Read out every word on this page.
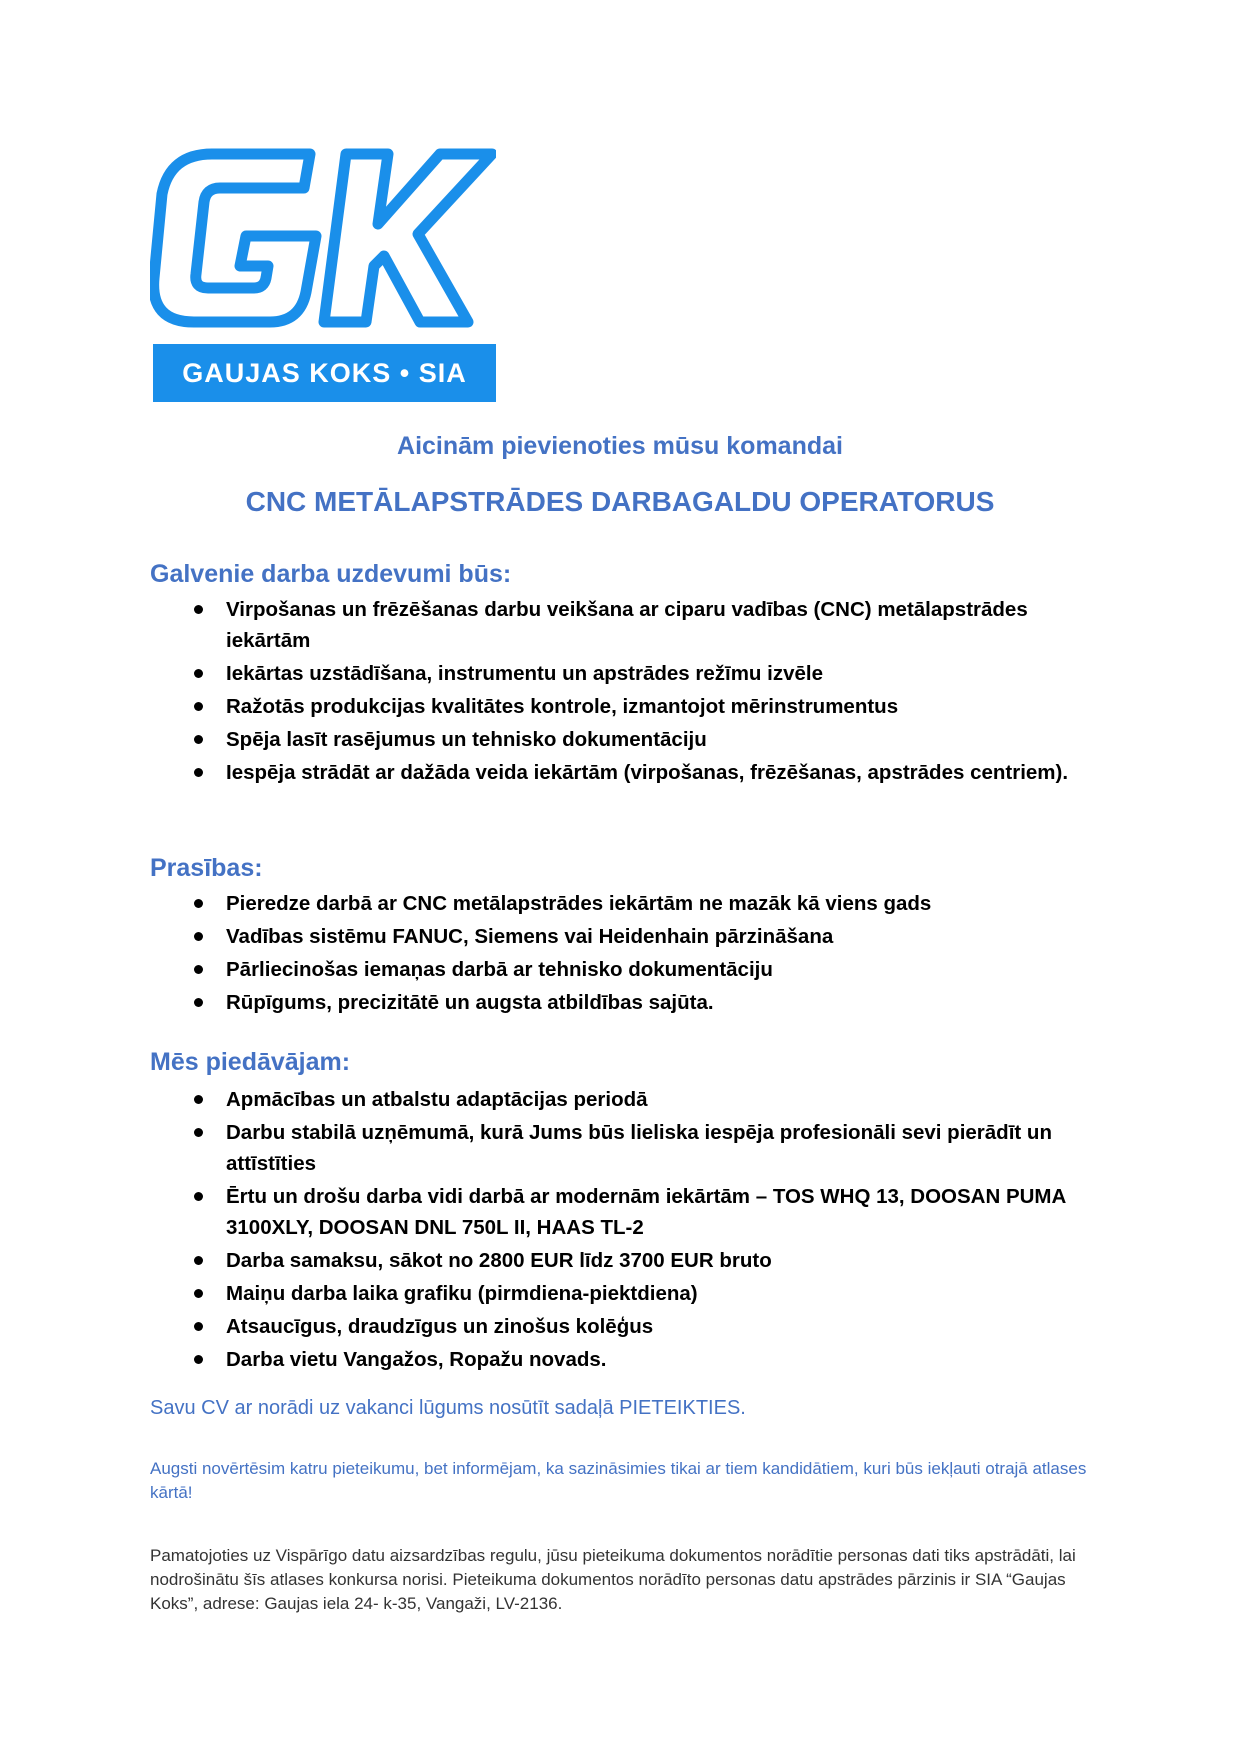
GAUJAS KOKS • SIA
Aicinām pievienoties mūsu komandai
CNC METĀLAPSTRĀDES DARBAGALDU OPERATORUS
Galvenie darba uzdevumi būs:
Virpošanas un frēzēšanas darbu veikšana ar ciparu vadības (CNC) metālapstrādes iekārtām
Iekārtas uzstādīšana, instrumentu un apstrādes režīmu izvēle
Ražotās produkcijas kvalitātes kontrole, izmantojot mērinstrumentus
Spēja lasīt rasējumus un tehnisko dokumentāciju
Iespēja strādāt ar dažāda veida iekārtām (virpošanas, frēzēšanas, apstrādes centriem).
Prasības:
Pieredze darbā ar CNC metālapstrādes iekārtām ne mazāk kā viens gads
Vadības sistēmu FANUC, Siemens vai Heidenhain pārzināšana
Pārliecinošas iemaņas darbā ar tehnisko dokumentāciju
Rūpīgums, precizitātē un augsta atbildības sajūta.
Mēs piedāvājam:
Apmācības un atbalstu adaptācijas periodā
Darbu stabilā uzņēmumā, kurā Jums būs lieliska iespēja profesionāli sevi pierādīt un attīstīties
Ērtu un drošu darba vidi darbā ar modernām iekārtām – TOS WHQ 13, DOOSAN PUMA 3100XLY, DOOSAN DNL 750L II, HAAS TL-2
Darba samaksu, sākot no 2800 EUR līdz 3700 EUR bruto
Maiņu darba laika grafiku (pirmdiena-piektdiena)
Atsaucīgus, draudzīgus un zinošus kolēģus
Darba vietu Vangažos, Ropažu novads.
Savu CV ar norādi uz vakanci lūgums nosūtīt sadaļā PIETEIKTIES.
Augsti novērtēsim katru pieteikumu, bet informējam, ka sazināsimies tikai ar tiem kandidātiem, kuri būs iekļauti otrajā atlases kārtā!
Pamatojoties uz Vispārīgo datu aizsardzības regulu, jūsu pieteikuma dokumentos norādītie personas dati tiks apstrādāti, lai nodrošinātu šīs atlases konkursa norisi. Pieteikuma dokumentos norādīto personas datu apstrādes pārzinis ir SIA “Gaujas Koks”, adrese: Gaujas iela 24- k-35, Vangaži, LV-2136.
